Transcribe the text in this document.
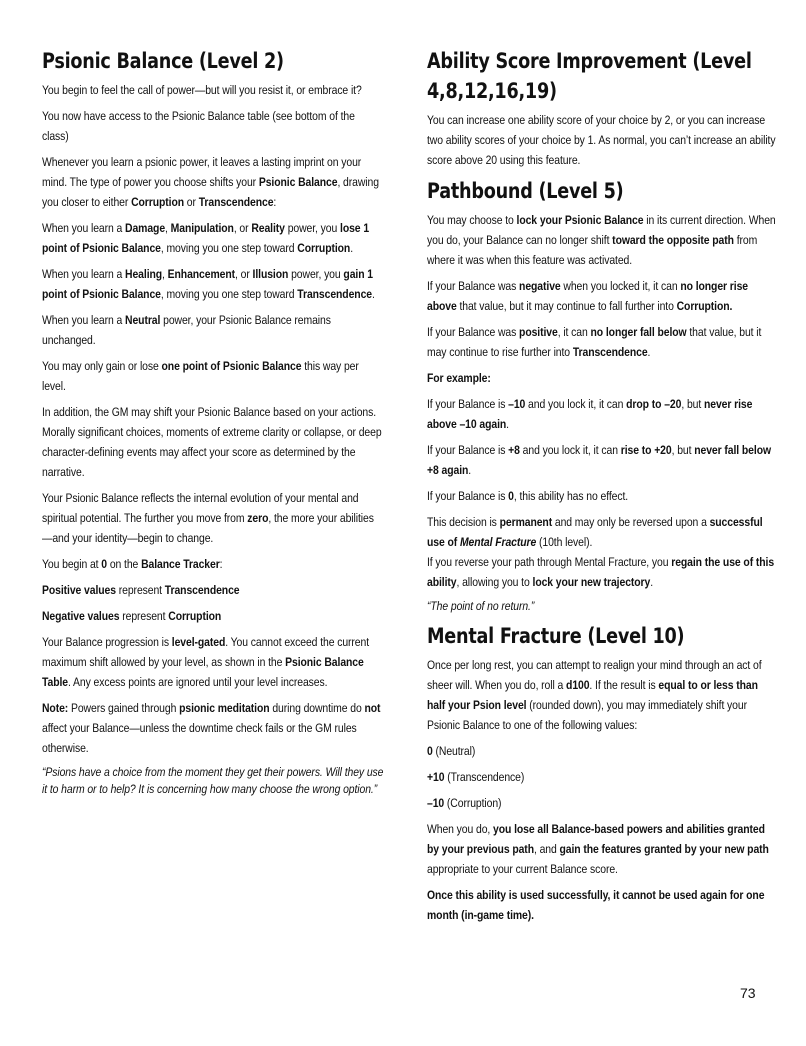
Psionic Balance (Level 2)

You begin to feel the call of power—but will you resist it, or embrace it?

You now have access to the Psionic Balance table (see bottom of the class)

Whenever you learn a psionic power, it leaves a lasting imprint on your mind. The type of power you choose shifts your Psionic Balance, drawing you closer to either Corruption or Transcendence:

When you learn a Damage, Manipulation, or Reality power, you lose 1 point of Psionic Balance, moving you one step toward Corruption.

When you learn a Healing, Enhancement, or Illusion power, you gain 1 point of Psionic Balance, moving you one step toward Transcendence.

When you learn a Neutral power, your Psionic Balance remains unchanged.

You may only gain or lose one point of Psionic Balance this way per level.

In addition, the GM may shift your Psionic Balance based on your actions. Morally significant choices, moments of extreme clarity or collapse, or deep character-defining events may affect your score as determined by the narrative.

Your Psionic Balance reflects the internal evolution of your mental and spiritual potential. The further you move from zero, the more your abilities—and your identity—begin to change.

You begin at 0 on the Balance Tracker:

Positive values represent Transcendence

Negative values represent Corruption

Your Balance progression is level-gated. You cannot exceed the current maximum shift allowed by your level, as shown in the Psionic Balance Table. Any excess points are ignored until your level increases.

Note: Powers gained through psionic meditation during downtime do not affect your Balance—unless the downtime check fails or the GM rules otherwise.

“Psions have a choice from the moment they get their powers. Will they use it to harm or to help? It is concerning how many choose the wrong option.”

Ability Score Improvement (Level 4,8,12,16,19)

You can increase one ability score of your choice by 2, or you can increase two ability scores of your choice by 1. As normal, you can’t increase an ability score above 20 using this feature.

Pathbound (Level 5)

You may choose to lock your Psionic Balance in its current direction. When you do, your Balance can no longer shift toward the opposite path from where it was when this feature was activated.

If your Balance was negative when you locked it, it can no longer rise above that value, but it may continue to fall further into Corruption.

If your Balance was positive, it can no longer fall below that value, but it may continue to rise further into Transcendence.

For example:

If your Balance is –10 and you lock it, it can drop to –20, but never rise above –10 again.

If your Balance is +8 and you lock it, it can rise to +20, but never fall below +8 again.

If your Balance is 0, this ability has no effect.

This decision is permanent and may only be reversed upon a successful use of Mental Fracture (10th level).
If you reverse your path through Mental Fracture, you regain the use of this ability, allowing you to lock your new trajectory.

“The point of no return.”

Mental Fracture (Level 10)

Once per long rest, you can attempt to realign your mind through an act of sheer will. When you do, roll a d100. If the result is equal to or less than half your Psion level (rounded down), you may immediately shift your Psionic Balance to one of the following values:

0 (Neutral)

+10 (Transcendence)

–10 (Corruption)

When you do, you lose all Balance-based powers and abilities granted by your previous path, and gain the features granted by your new path appropriate to your current Balance score.

Once this ability is used successfully, it cannot be used again for one month (in-game time).

73
